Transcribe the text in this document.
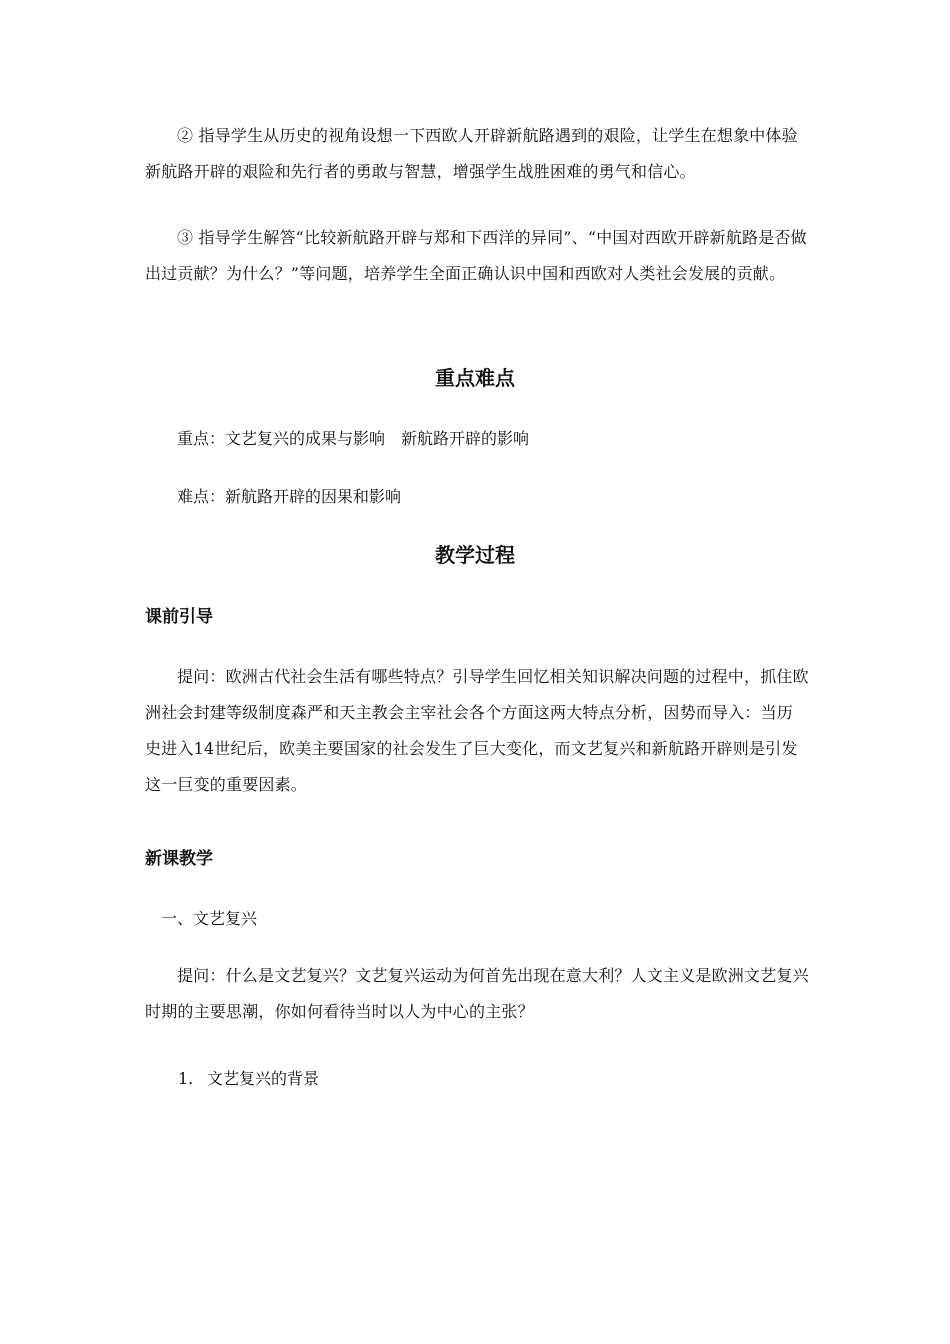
② 指导学生从历史的视角设想一下西欧人开辟新航路遇到的艰险，让学生在想象中体验新航路开辟的艰险和先行者的勇敢与智慧，增强学生战胜困难的勇气和信心。

③ 指导学生解答“比较新航路开辟与郑和下西洋的异同”、“中国对西欧开辟新航路是否做出过贡献？为什么？”等问题，培养学生全面正确认识中国和西欧对人类社会发展的贡献。

重点难点

重点：文艺复兴的成果与影响　新航路开辟的影响

难点：新航路开辟的因果和影响

教学过程
课前引导

提问：欧洲古代社会生活有哪些特点？引导学生回忆相关知识解决问题的过程中，抓住欧洲社会封建等级制度森严和天主教会主宰社会各个方面这两大特点分析，因势而导入：当历史进入14世纪后，欧美主要国家的社会发生了巨大变化，而文艺复兴和新航路开辟则是引发这一巨变的重要因素。

新课教学

一、文艺复兴

提问：什么是文艺复兴？文艺复兴运动为何首先出现在意大利？人文主义是欧洲文艺复兴时期的主要思潮，你如何看待当时以人为中心的主张？

1. 文艺复兴的背景
